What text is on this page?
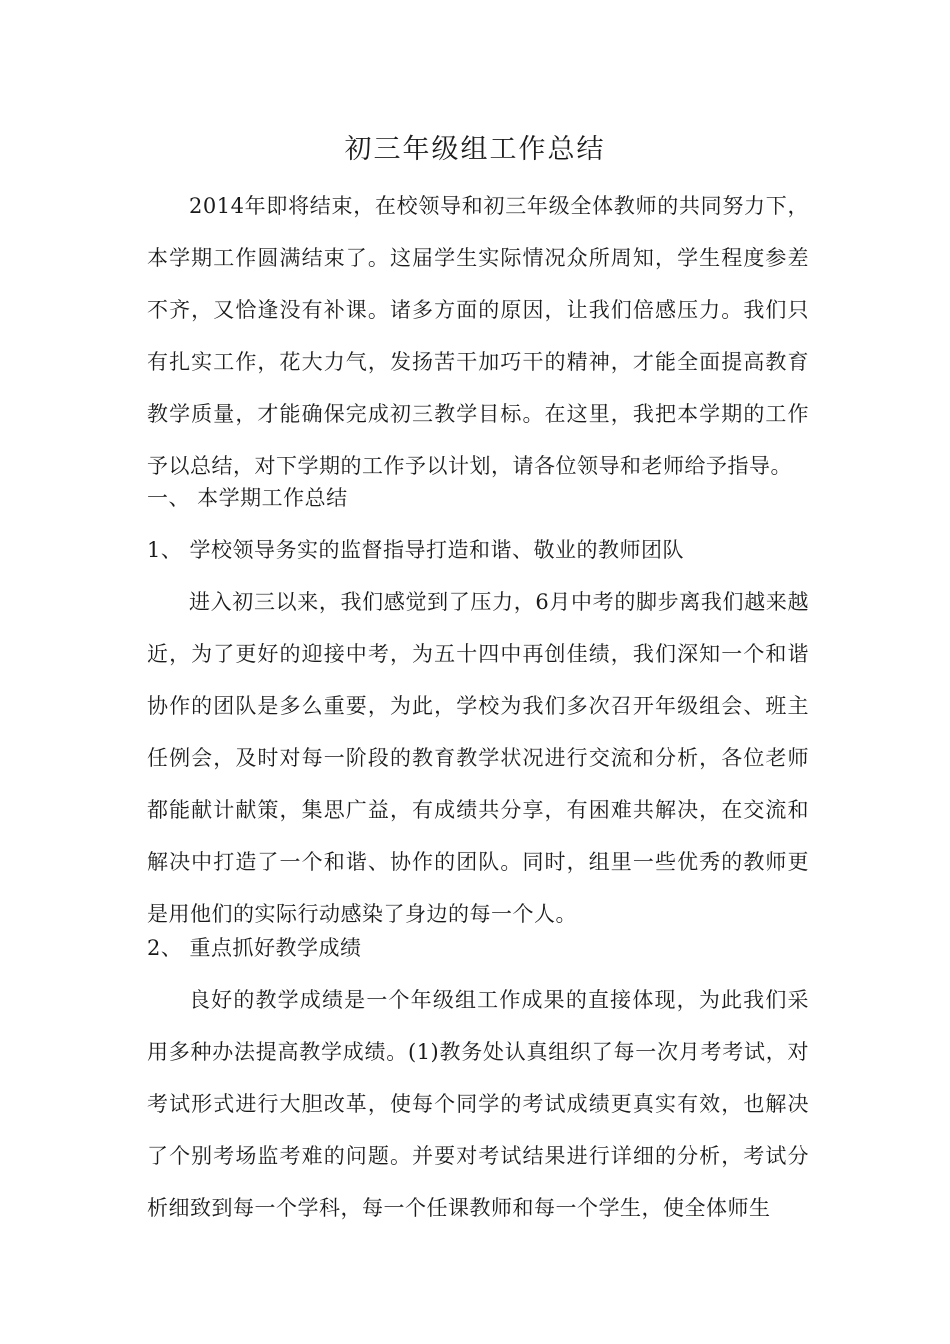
初三年级组工作总结

2014年即将结束，在校领导和初三年级全体教师的共同努力下，本学期工作圆满结束了。这届学生实际情况众所周知，学生程度参差不齐，又恰逢没有补课。诸多方面的原因，让我们倍感压力。我们只有扎实工作，花大力气，发扬苦干加巧干的精神，才能全面提高教育教学质量，才能确保完成初三教学目标。在这里，我把本学期的工作予以总结，对下学期的工作予以计划，请各位领导和老师给予指导。

一、 本学期工作总结

1、 学校领导务实的监督指导打造和谐、敬业的教师团队

进入初三以来，我们感觉到了压力，6月中考的脚步离我们越来越近，为了更好的迎接中考，为五十四中再创佳绩，我们深知一个和谐协作的团队是多么重要，为此，学校为我们多次召开年级组会、班主任例会，及时对每一阶段的教育教学状况进行交流和分析，各位老师都能献计献策，集思广益，有成绩共分享，有困难共解决，在交流和解决中打造了一个和谐、协作的团队。同时，组里一些优秀的教师更是用他们的实际行动感染了身边的每一个人。

2、 重点抓好教学成绩

良好的教学成绩是一个年级组工作成果的直接体现，为此我们采用多种办法提高教学成绩。(1)教务处认真组织了每一次月考考试，对考试形式进行大胆改革，使每个同学的考试成绩更真实有效，也解决了个别考场监考难的问题。并要对考试结果进行详细的分析，考试分析细致到每一个学科，每一个任课教师和每一个学生，使全体师生
